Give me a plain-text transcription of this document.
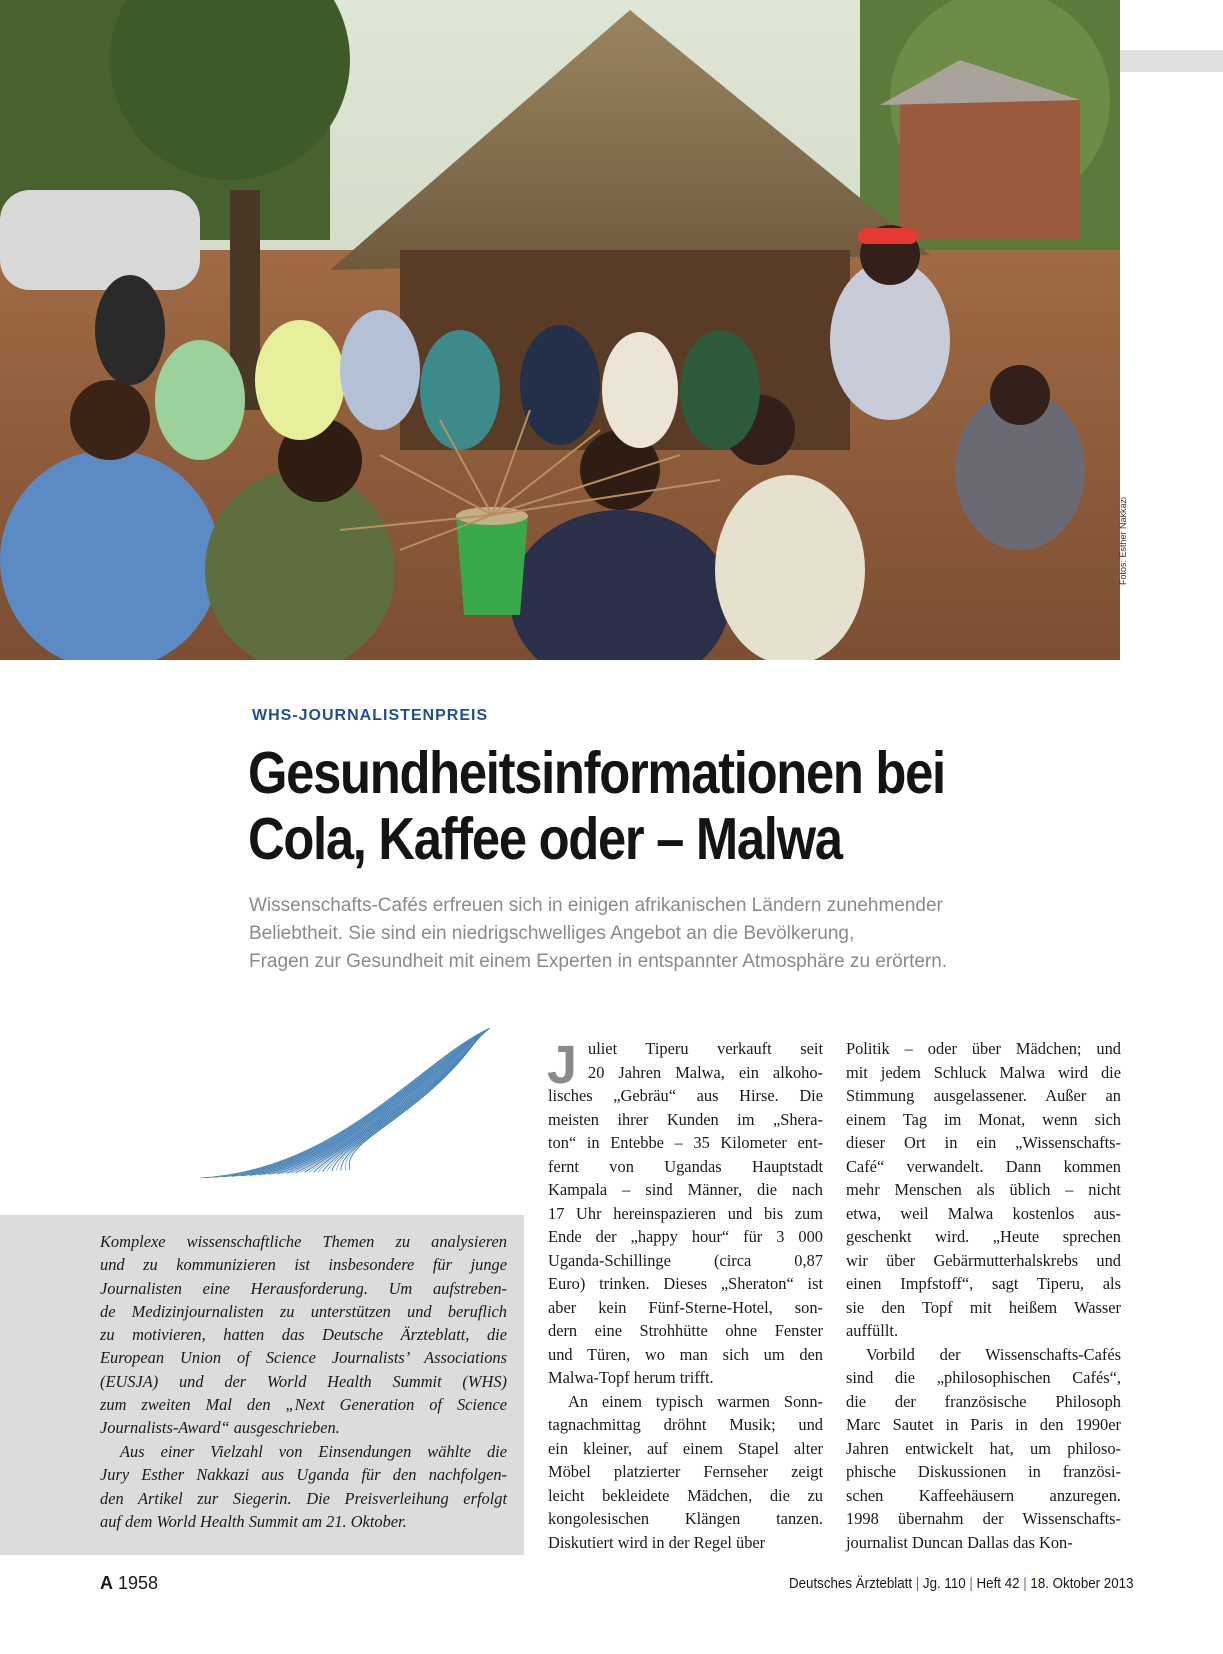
Fotos: Esther Nakkazi
WHS-JOURNALISTENPREIS
Gesundheitsinformationen bei
Cola, Kaffee oder – Malwa
Wissenschafts-Cafés erfreuen sich in einigen afrikanischen Ländern zunehmender
Beliebtheit. Sie sind ein niedrigschwelliges Angebot an die Bevölkerung,
Fragen zur Gesundheit mit einem Experten in entspannter Atmosphäre zu erörtern.

Komplexe wissenschaftliche Themen zu analysieren
und zu kommunizieren ist insbesondere für junge
Journalisten eine Herausforderung. Um aufstreben-
de Medizinjournalisten zu unterstützen und beruflich
zu motivieren, hatten das Deutsche Ärzteblatt, die
European Union of Science Journalists’ Associations
(EUSJA) und der World Health Summit (WHS)
zum zweiten Mal den „Next Generation of Science
Journalists-Award“ ausgeschrieben.

Aus einer Vielzahl von Einsendungen wählte die
Jury Esther Nakkazi aus Uganda für den nachfolgen-
den Artikel zur Siegerin. Die Preisverleihung erfolgt
auf dem World Health Summit am 21. Oktober.

J uliet Tiperu verkauft seit
20 Jahren Malwa, ein alkoho-
lisches „Gebräu“ aus Hirse. Die
meisten ihrer Kunden im „Shera-
ton“ in Entebbe – 35 Kilometer ent-
fernt von Ugandas Hauptstadt
Kampala – sind Männer, die nach
17 Uhr hereinspazieren und bis zum
Ende der „happy hour“ für 3 000
Uganda-Schillinge (circa 0,87
Euro) trinken. Dieses „Sheraton“ ist
aber kein Fünf-Sterne-Hotel, son-
dern eine Strohhütte ohne Fenster
und Türen, wo man sich um den
Malwa-Topf herum trifft.
An einem typisch warmen Sonn-
tagnachmittag dröhnt Musik; und
ein kleiner, auf einem Stapel alter
Möbel platzierter Fernseher zeigt
leicht bekleidete Mädchen, die zu
kongolesischen Klängen tanzen.
Diskutiert wird in der Regel über
Politik – oder über Mädchen; und
mit jedem Schluck Malwa wird die
Stimmung ausgelassener. Außer an
einem Tag im Monat, wenn sich
dieser Ort in ein „Wissenschafts-
Café“ verwandelt. Dann kommen
mehr Menschen als üblich – nicht
etwa, weil Malwa kostenlos aus-
geschenkt wird. „Heute sprechen
wir über Gebärmutterhalskrebs und
einen Impfstoff“, sagt Tiperu, als
sie den Topf mit heißem Wasser
auffüllt.
Vorbild der Wissenschafts-Cafés
sind die „philosophischen Cafés“,
die der französische Philosoph
Marc Sautet in Paris in den 1990er
Jahren entwickelt hat, um philoso-
phische Diskussionen in französi-
schen Kaffeehäusern anzuregen.
1998 übernahm der Wissenschafts-
journalist Duncan Dallas das Kon-
A 1958	Deutsches Ärzteblatt | Jg. 110 | Heft 42 | 18. Oktober 2013
